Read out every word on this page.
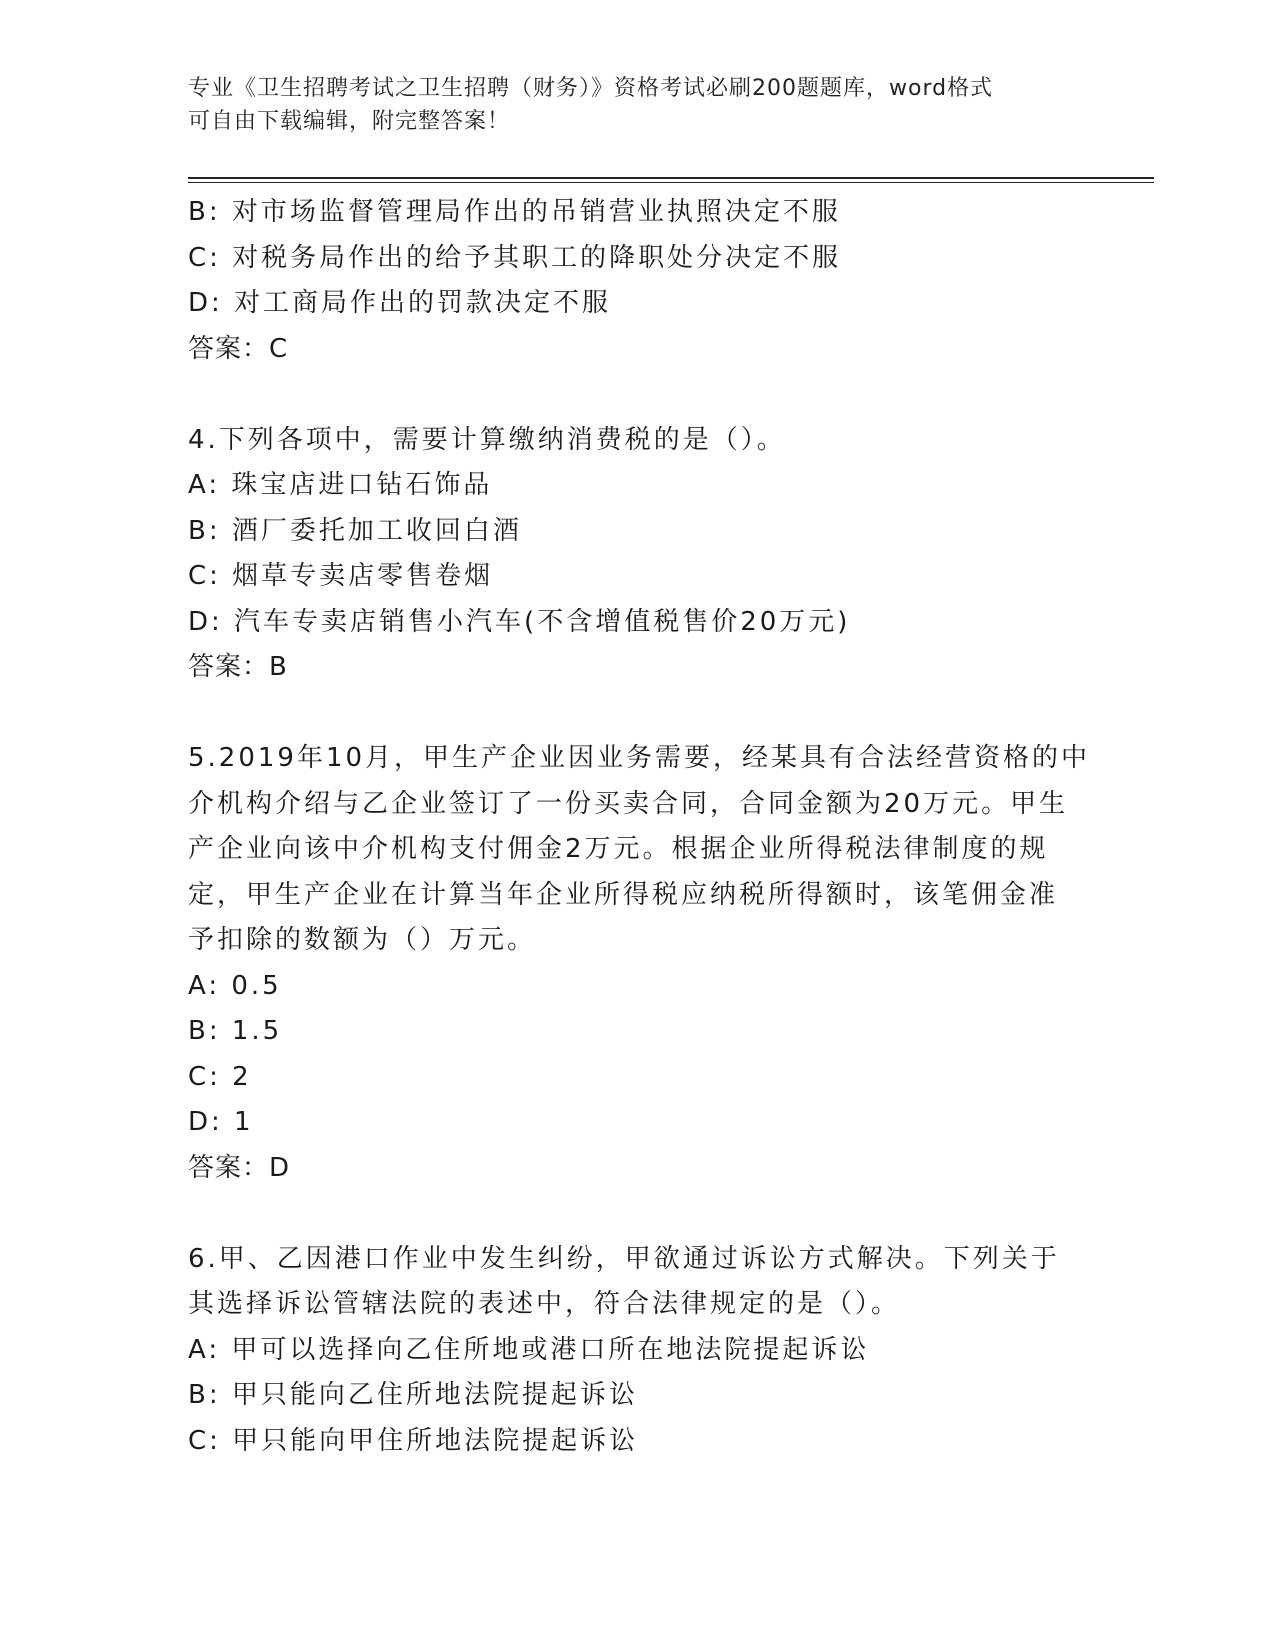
专业《卫生招聘考试之卫生招聘（财务）》资格考试必刷200题题库，word格式
可自由下载编辑，附完整答案！
B: 对市场监督管理局作出的吊销营业执照决定不服
C: 对税务局作出的给予其职工的降职处分决定不服
D: 对工商局作出的罚款决定不服
答案：C
4.下列各项中，需要计算缴纳消费税的是（）。
A: 珠宝店进口钻石饰品
B: 酒厂委托加工收回白酒
C: 烟草专卖店零售卷烟
D: 汽车专卖店销售小汽车(不含增值税售价20万元)
答案：B
5.2019年10月，甲生产企业因业务需要，经某具有合法经营资格的中
介机构介绍与乙企业签订了一份买卖合同，合同金额为20万元。甲生
产企业向该中介机构支付佣金2万元。根据企业所得税法律制度的规
定，甲生产企业在计算当年企业所得税应纳税所得额时，该笔佣金准
予扣除的数额为（）万元。
A: 0.5
B: 1.5
C: 2
D: 1
答案：D
6.甲、乙因港口作业中发生纠纷，甲欲通过诉讼方式解决。下列关于
其选择诉讼管辖法院的表述中，符合法律规定的是（）。
A: 甲可以选择向乙住所地或港口所在地法院提起诉讼
B: 甲只能向乙住所地法院提起诉讼
C: 甲只能向甲住所地法院提起诉讼
